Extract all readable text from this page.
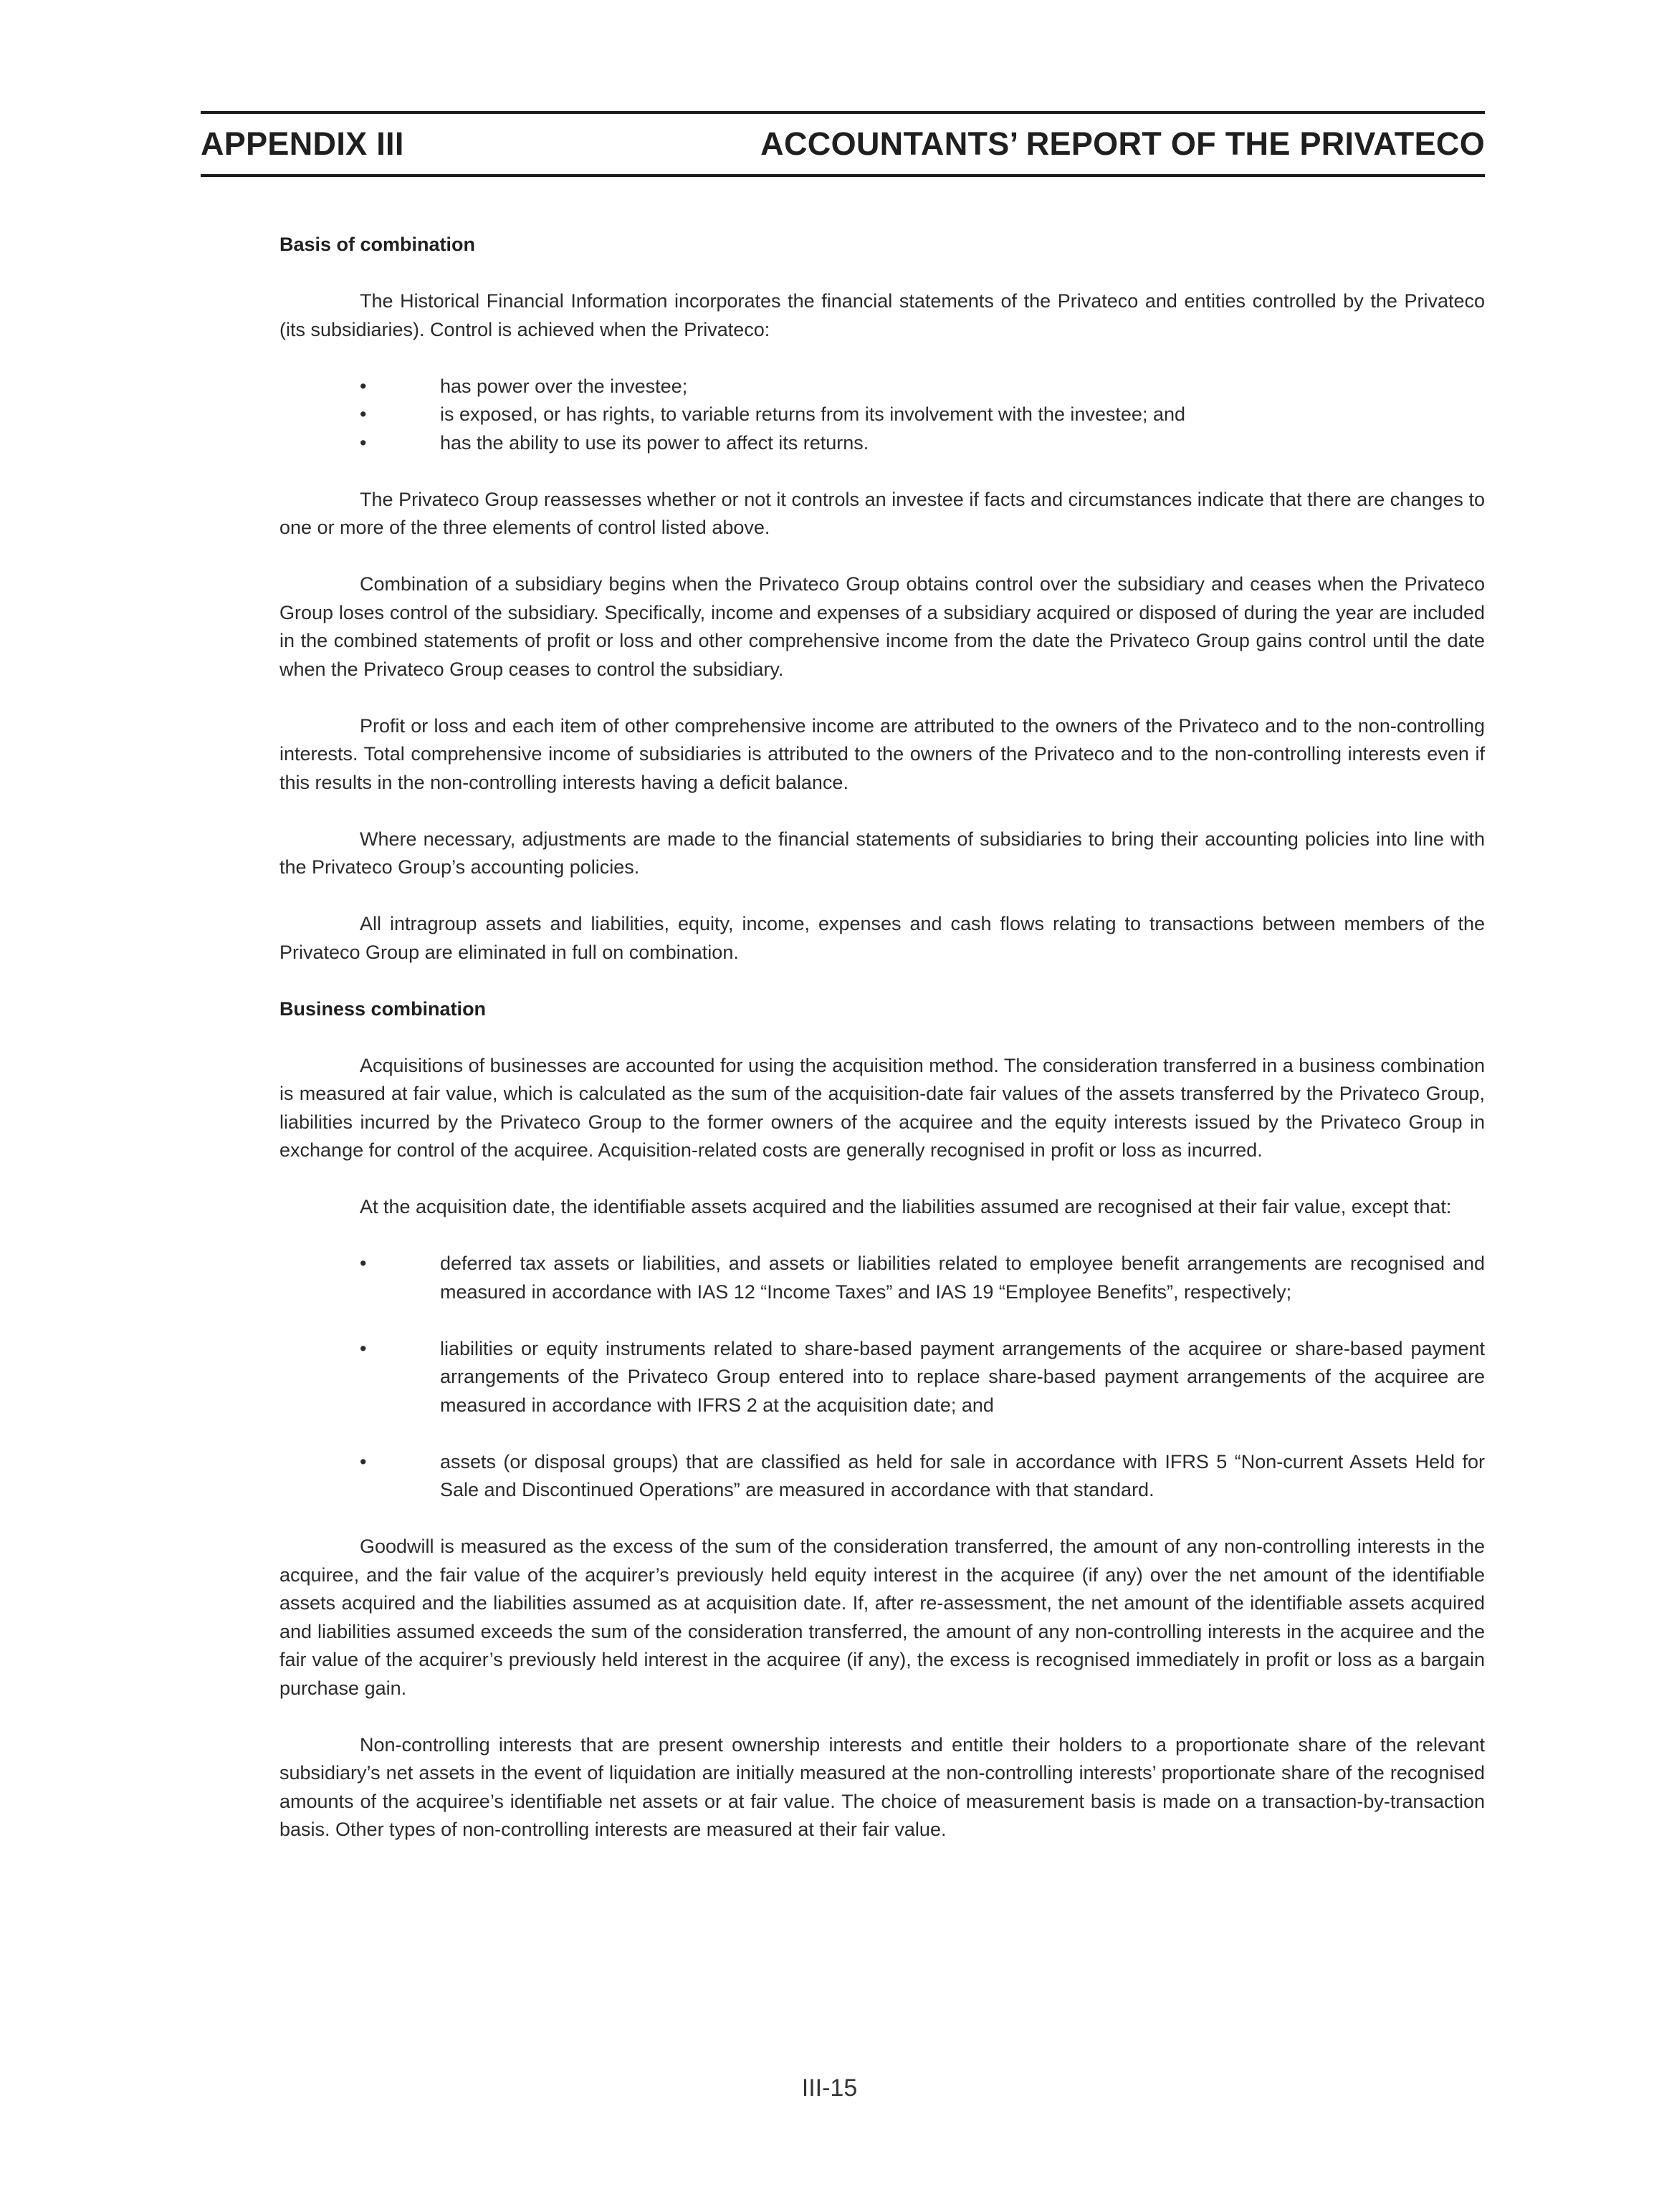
APPENDIX III	ACCOUNTANTS’ REPORT OF THE PRIVATECO

Basis of combination

The Historical Financial Information incorporates the financial statements of the Privateco and entities controlled by the Privateco (its subsidiaries). Control is achieved when the Privateco:

•	has power over the investee;
•	is exposed, or has rights, to variable returns from its involvement with the investee; and
•	has the ability to use its power to affect its returns.

The Privateco Group reassesses whether or not it controls an investee if facts and circumstances indicate that there are changes to one or more of the three elements of control listed above.

Combination of a subsidiary begins when the Privateco Group obtains control over the subsidiary and ceases when the Privateco Group loses control of the subsidiary. Specifically, income and expenses of a subsidiary acquired or disposed of during the year are included in the combined statements of profit or loss and other comprehensive income from the date the Privateco Group gains control until the date when the Privateco Group ceases to control the subsidiary.

Profit or loss and each item of other comprehensive income are attributed to the owners of the Privateco and to the non-controlling interests. Total comprehensive income of subsidiaries is attributed to the owners of the Privateco and to the non-controlling interests even if this results in the non-controlling interests having a deficit balance.

Where necessary, adjustments are made to the financial statements of subsidiaries to bring their accounting policies into line with the Privateco Group’s accounting policies.

All intragroup assets and liabilities, equity, income, expenses and cash flows relating to transactions between members of the Privateco Group are eliminated in full on combination.

Business combination

Acquisitions of businesses are accounted for using the acquisition method. The consideration transferred in a business combination is measured at fair value, which is calculated as the sum of the acquisition-date fair values of the assets transferred by the Privateco Group, liabilities incurred by the Privateco Group to the former owners of the acquiree and the equity interests issued by the Privateco Group in exchange for control of the acquiree. Acquisition-related costs are generally recognised in profit or loss as incurred.

At the acquisition date, the identifiable assets acquired and the liabilities assumed are recognised at their fair value, except that:

•	deferred tax assets or liabilities, and assets or liabilities related to employee benefit arrangements are recognised and measured in accordance with IAS 12 “Income Taxes” and IAS 19 “Employee Benefits”, respectively;
•	liabilities or equity instruments related to share-based payment arrangements of the acquiree or share-based payment arrangements of the Privateco Group entered into to replace share-based payment arrangements of the acquiree are measured in accordance with IFRS 2 at the acquisition date; and
•	assets (or disposal groups) that are classified as held for sale in accordance with IFRS 5 “Non-current Assets Held for Sale and Discontinued Operations” are measured in accordance with that standard.

Goodwill is measured as the excess of the sum of the consideration transferred, the amount of any non-controlling interests in the acquiree, and the fair value of the acquirer’s previously held equity interest in the acquiree (if any) over the net amount of the identifiable assets acquired and the liabilities assumed as at acquisition date. If, after re-assessment, the net amount of the identifiable assets acquired and liabilities assumed exceeds the sum of the consideration transferred, the amount of any non-controlling interests in the acquiree and the fair value of the acquirer’s previously held interest in the acquiree (if any), the excess is recognised immediately in profit or loss as a bargain purchase gain.

Non-controlling interests that are present ownership interests and entitle their holders to a proportionate share of the relevant subsidiary’s net assets in the event of liquidation are initially measured at the non-controlling interests’ proportionate share of the recognised amounts of the acquiree’s identifiable net assets or at fair value. The choice of measurement basis is made on a transaction-by-transaction basis. Other types of non-controlling interests are measured at their fair value.

III-15
